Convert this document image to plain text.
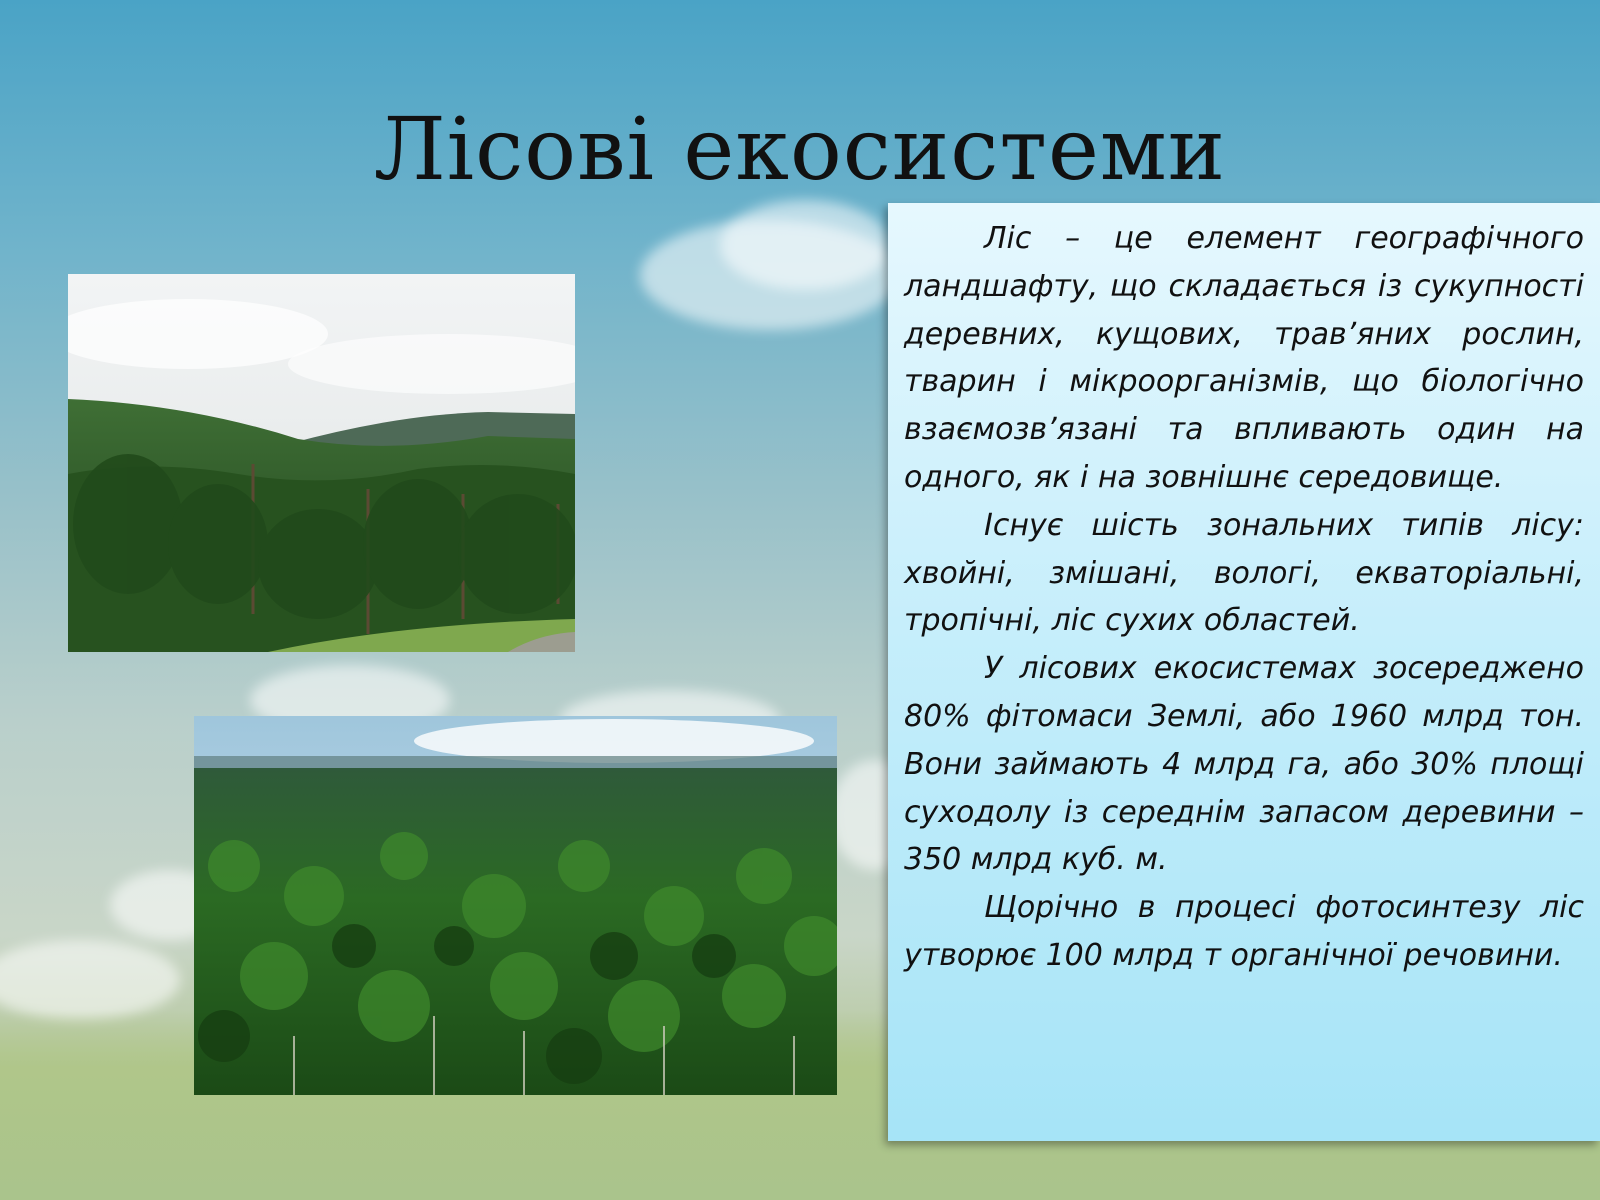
Лісові екосистеми

Ліс – це елемент географічного ландшафту, що складається із сукупності деревних, кущових, трав’яних рослин, тварин і мікроорганізмів, що біологічно взаємозв’язані та впливають один на одного, як і на зовнішнє середовище.

Існує шість зональних типів лісу: хвойні, змішані, вологі, екваторіальні, тропічні, ліс сухих областей.

У лісових екосистемах зосереджено 80% фітомаси Землі, або 1960 млрд тон. Вони займають 4 млрд га, або 30% площі суходолу із середнім запасом деревини – 350 млрд куб. м.

Щорічно в процесі фотосинтезу ліс утворює 100 млрд т органічної речовини.
